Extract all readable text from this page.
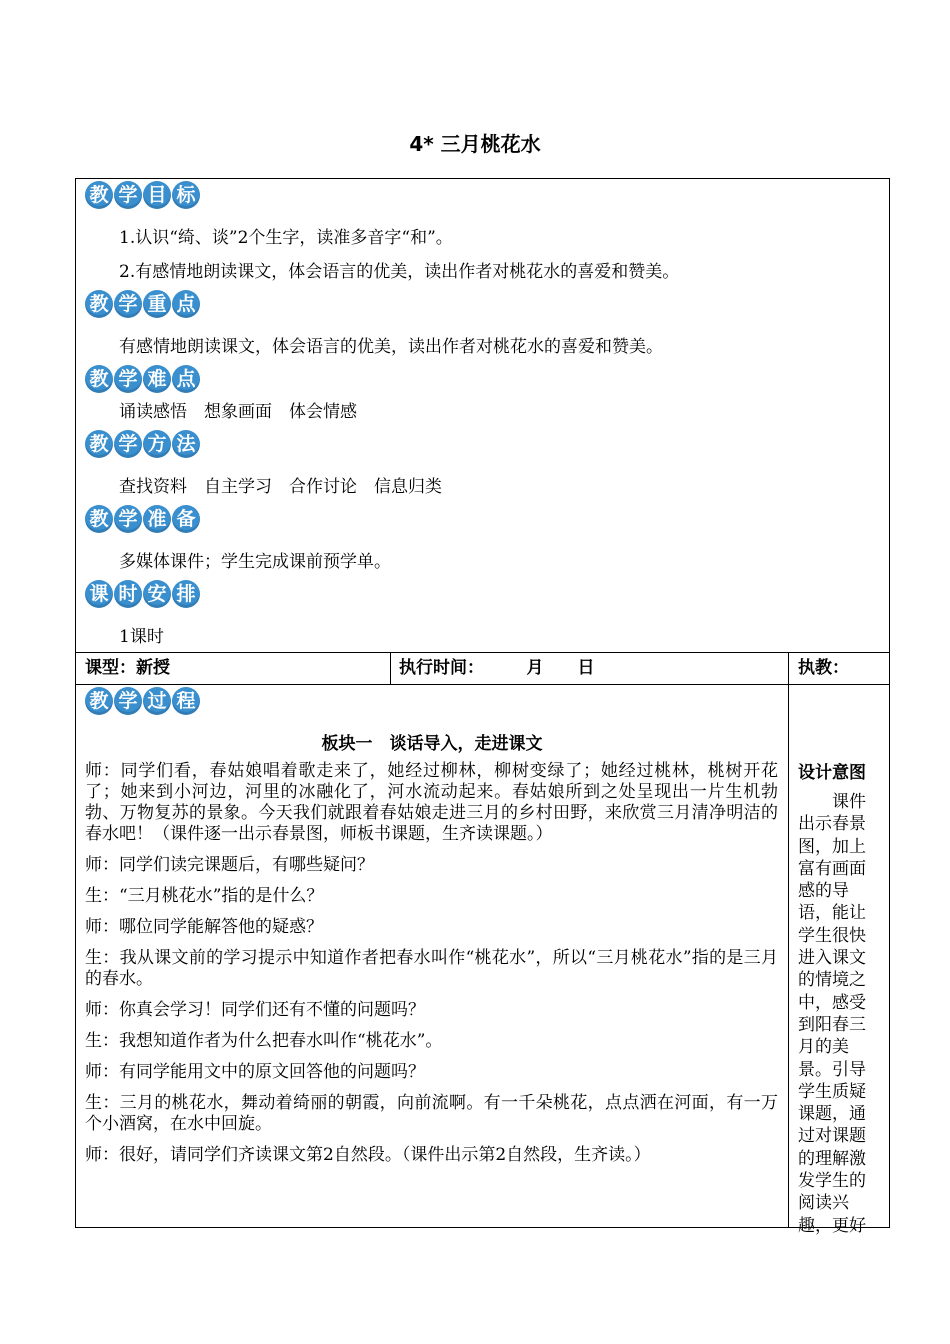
4* 三月桃花水
教 学 目 标
1.认识“绮、谈”2个生字，读准多音字“和”。
2.有感情地朗读课文，体会语言的优美，读出作者对桃花水的喜爱和赞美。
教 学 重 点
有感情地朗读课文，体会语言的优美，读出作者对桃花水的喜爱和赞美。
教 学 难 点
诵读感悟　想象画面　体会情感
教 学 方 法
查找资料　自主学习　合作讨论　信息归类
教 学 准 备
多媒体课件；学生完成课前预学单。
课 时 安 排
1课时
课型：新授	执行时间：　　　月　　日	执教：
教 学 过 程
板块一　谈话导入，走进课文

师：同学们看，春姑娘唱着歌走来了，她经过柳林，柳树变绿了；她经过桃林，桃树开花了；她来到小河边，河里的冰融化了，河水流动起来。春姑娘所到之处呈现出一片生机勃勃、万物复苏的景象。今天我们就跟着春姑娘走进三月的乡村田野，来欣赏三月清净明洁的春水吧！（课件逐一出示春景图，师板书课题，生齐读课题。）

师：同学们读完课题后，有哪些疑问？

生：“三月桃花水”指的是什么？

师：哪位同学能解答他的疑惑？

生：我从课文前的学习提示中知道作者把春水叫作“桃花水”，所以“三月桃花水”指的是三月的春水。

师：你真会学习！同学们还有不懂的问题吗？

生：我想知道作者为什么把春水叫作“桃花水”。

师：有同学能用文中的原文回答他的问题吗？

生：三月的桃花水，舞动着绮丽的朝霞，向前流啊。有一千朵桃花，点点洒在河面，有一万个小酒窝，在水中回旋。

师：很好，请同学们齐读课文第2自然段。（课件出示第2自然段，生齐读。）

设计意图
课件出示春景图，加上富有画面感的导语，能让学生很快进入课文的情境之中，感受到阳春三月的美景。引导学生质疑课题，通过对课题的理解激发学生的阅读兴趣，更好
